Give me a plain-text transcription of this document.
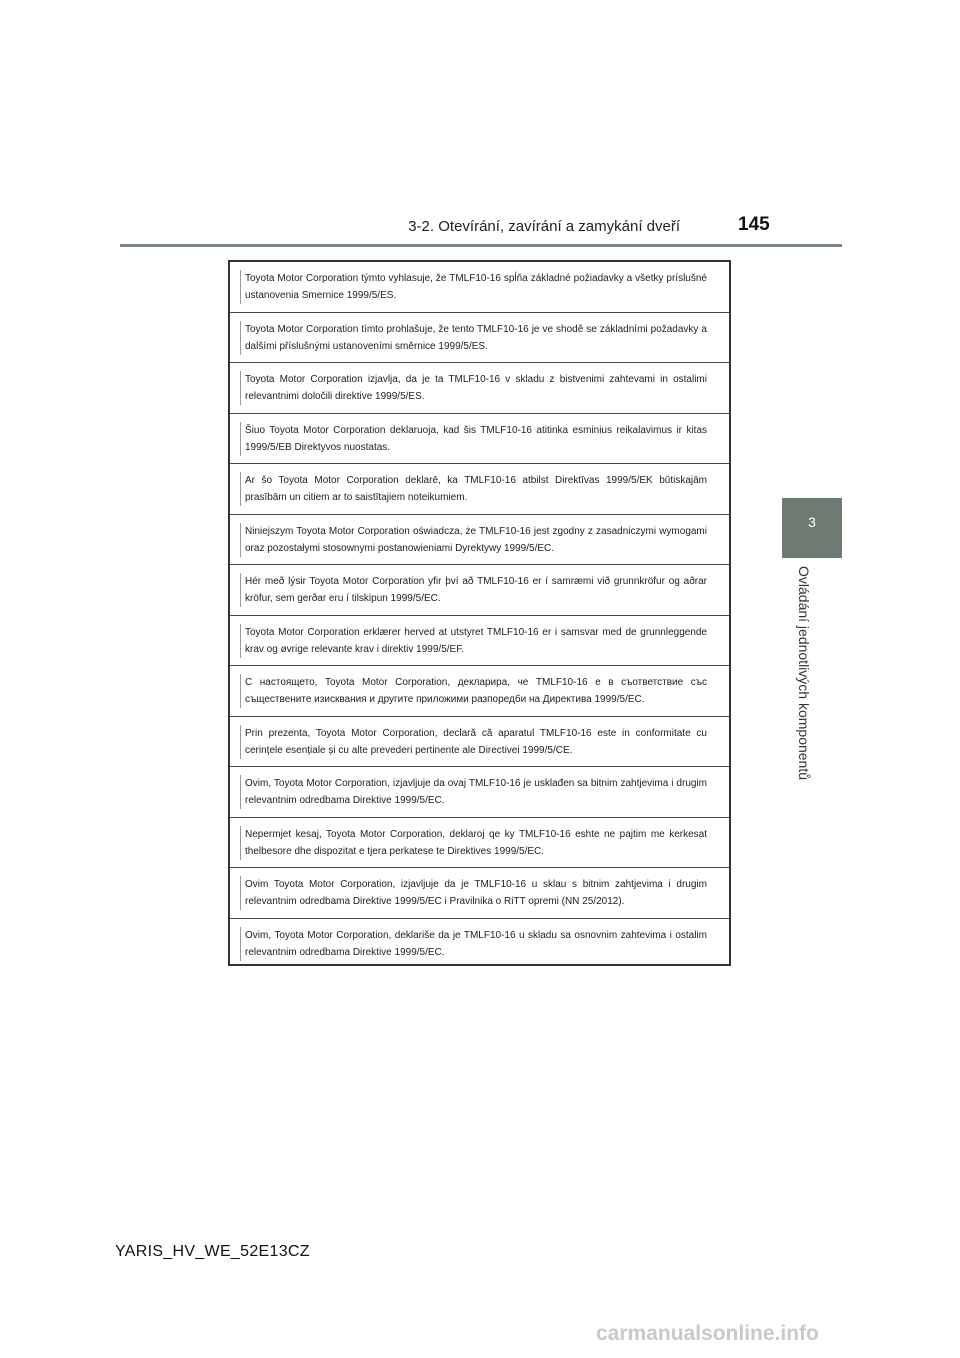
3-2. Otevírání, zavírání a zamykání dveří	145
3
Ovládání jednotlivých komponentů
Toyota Motor Corporation týmto vyhlasuje, že TMLF10-16 spĺňa základné požiadavky a všetky príslušné ustanovenia Smernice 1999/5/ES.
Toyota Motor Corporation tímto prohlašuje, že tento TMLF10-16 je ve shodě se základními požadavky a dalšími příslušnými ustanoveními směrnice 1999/5/ES.
Toyota Motor Corporation izjavlja, da je ta TMLF10-16 v skladu z bistvenimi zahtevami in ostalimi relevantnimi določili direktive 1999/5/ES.
Šiuo Toyota Motor Corporation deklaruoja, kad šis TMLF10-16 atitinka esminius reikalavimus ir kitas 1999/5/EB Direktyvos nuostatas.
Ar šo Toyota Motor Corporation deklarē, ka TMLF10-16 atbilst Direktīvas 1999/5/EK būtiskajām prasībām un citiem ar to saistītajiem noteikumiem.
Niniejszym Toyota Motor Corporation oświadcza, że TMLF10-16 jest zgodny z zasadniczymi wymogami oraz pozostałymi stosownymi postanowieniami Dyrektywy 1999/5/EC.
Hér með lýsir Toyota Motor Corporation yfir því að TMLF10-16 er í samræmi við grunnkröfur og aðrar kröfur, sem gerðar eru í tilskipun 1999/5/EC.
Toyota Motor Corporation erklærer herved at utstyret TMLF10-16 er i samsvar med de grunnleggende krav og øvrige relevante krav i direktiv 1999/5/EF.
С настоящето, Toyota Motor Corporation, декларира, че TMLF10-16 е в съответствие със съществените изисквания и другите приложими разпоредби на Директива 1999/5/ЕС.
Prin prezenta, Toyota Motor Corporation, declară că aparatul TMLF10-16 este in conformitate cu cerințele esențiale și cu alte prevederi pertinente ale Directivei 1999/5/CE.
Ovim, Toyota Motor Corporation, izjavljuje da ovaj TMLF10-16 je usklađen sa bitnim zahtjevima i drugim relevantnim odredbama Direktive 1999/5/EC.
Nepermjet kesaj, Toyota Motor Corporation, deklaroj qe ky TMLF10-16 eshte ne pajtim me kerkesat thelbesore dhe dispozitat e tjera perkatese te Direktives 1999/5/EC.
Ovim Toyota Motor Corporation, izjavljuje da je TMLF10-16 u sklau s bitnim zahtjevima i drugim relevantnim odredbama Direktive 1999/5/EC i Pravilnika o RiTT opremi (NN 25/2012).
Ovim, Toyota Motor Corporation, deklariše da je TMLF10-16 u skladu sa osnovnim zahtevima i ostalim relevantnim odredbama Direktive 1999/5/EC.
YARIS_HV_WE_52E13CZ
carmanualsonline.info
